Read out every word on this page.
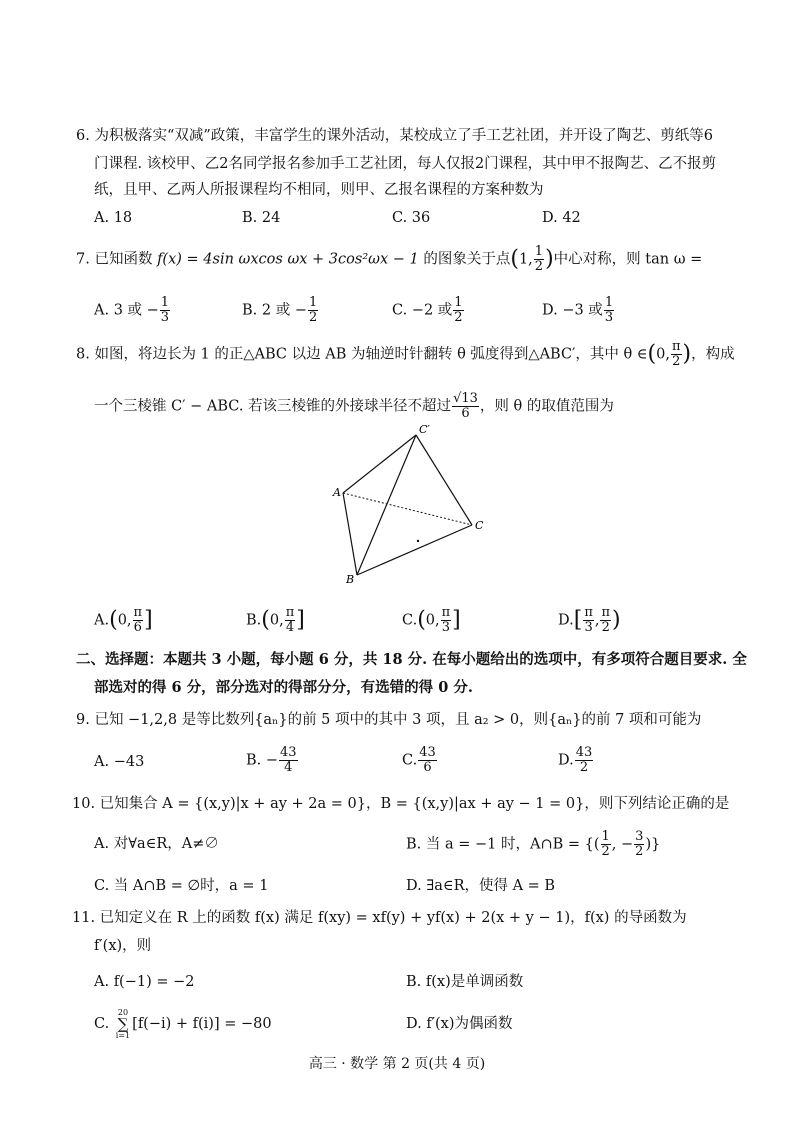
6. 为积极落实“双减”政策，丰富学生的课外活动，某校成立了手工艺社团，并开设了陶艺、剪纸等6
门课程. 该校甲、乙2名同学报名参加手工艺社团，每人仅报2门课程，其中甲不报陶艺、乙不报剪
纸，且甲、乙两人所报课程均不相同，则甲、乙报名课程的方案种数为
A. 18	B. 24	C. 36	D. 42
7. 已知函数 f(x) = 4sin ωxcos ωx + 3cos²ωx − 1 的图象关于点(1, $\frac{1}{2}$ )中心对称，则 tan ω =
A. 3 或 − $\frac{1}{3}$	B. 2 或 − $\frac{1}{2}$	C. −2 或 $\frac{1}{2}$	D. −3 或 $\frac{1}{3}$
8. 如图，将边长为 1 的正△ABC 以边 AB 为轴逆时针翻转 θ 弧度得到△ABC′，其中 θ ∈(0, $\frac{\pi}{2}$ )，构成
一个三棱锥 C′ − ABC. 若该三棱锥的外接球半径不超过 $\frac{√13}{6}$ ，则 θ 的取值范围为
C′
A
B
C
A.(0, $\frac{\pi}{6}$ ]	B.(0, $\frac{\pi}{4}$ ]	C.(0, $\frac{\pi}{3}$ ]	$D.[ \frac{\pi}{3}$ , $\frac{\pi}{2}$ )
二、选择题：本题共 3 小题，每小题 6 分，共 18 分. 在每小题给出的选项中，有多项符合题目要求. 全
部选对的得 6 分，部分选对的得部分分，有选错的得 0 分.
9. 已知 −1,2,8 是等比数列{aₙ}的前 5 项中的其中 3 项，且 a₂ > 0，则{aₙ}的前 7 项和可能为
A. −43	B. − $\frac{43}{4}$	C. $\frac{43}{6}$	D. $\frac{43}{2}$
10. 已知集合 A = {(x,y)|x + ay + 2a = 0}，B = {(x,y)|ax + ay − 1 = 0}，则下列结论正确的是
A. 对∀a∈R，A≠∅	B. 当 a = −1 时，A∩B = {( $\frac{1}{2}$ , − $\frac{3}{2}$ )}
C. 当 A∩B = ∅时，a = 1	D. ∃a∈R，使得 A = B
11. 已知定义在 R 上的函数 f(x) 满足 f(xy) = xf(y) + yf(x) + 2(x + y − 1)，f(x) 的导函数为
f′(x)，则
A. f(−1) = −2	B. f(x)是单调函数
C.
20
∑
i=1
[f(−i) + f(i)] = −80	D. f′(x)为偶函数
高三 · 数学 第 2 页(共 4 页)
